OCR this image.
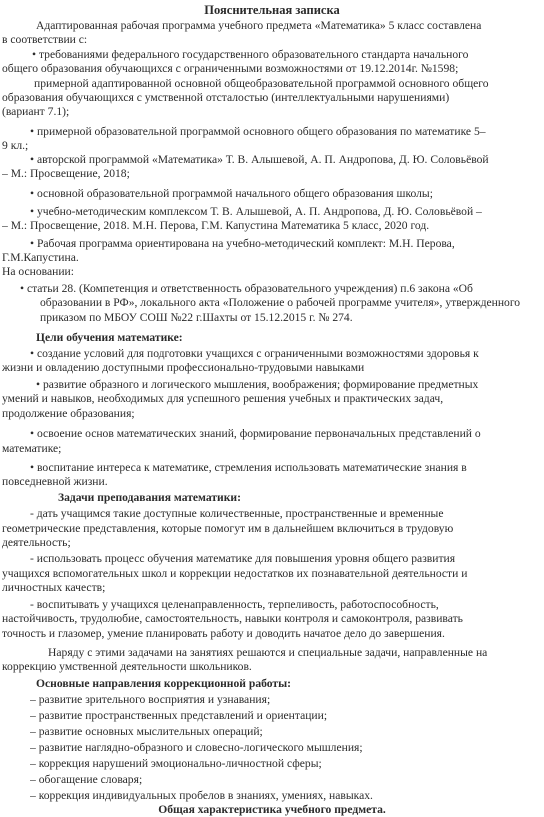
Пояснительная записка
Адаптированная рабочая программа учебного предмета «Математика» 5 класс составлена
в соответствии с:
• требованиями федерального государственного образовательного стандарта начального
общего образования обучающихся с ограниченными возможностями от 19.12.2014г. №1598;
примерной адаптированной основной общеобразовательной программой основного общего
образования обучающихся с умственной отсталостью (интеллектуальными нарушениями)
(вариант 7.1);
• примерной образовательной программой основного общего образования по математике 5–
9 кл.;
• авторской программой «Математика» Т. В. Алышевой, А. П. Андропова, Д. Ю. Соловьёвой
– М.: Просвещение, 2018;
• основной образовательной программой начального общего образования школы;
• учебно-методическим комплексом Т. В. Алышевой, А. П. Андропова, Д. Ю. Соловьёвой –
– М.: Просвещение, 2018. М.Н. Перова, Г.М. Капустина Математика 5 класс, 2020 год.
• Рабочая программа ориентирована на учебно-методический комплект: М.Н. Перова,
Г.М.Капустина.
На основании:
• статьи 28. (Компетенция и ответственность образовательного учреждения) п.6 закона «Об
образовании в РФ», локального акта «Положение о рабочей программе учителя», утвержденного
приказом по МБОУ СОШ №22 г.Шахты от 15.12.2015 г. № 274.
Цели обучения математике:
• создание условий для подготовки учащихся с ограниченными возможностями здоровья к
жизни и овладению доступными профессионально-трудовыми навыками
• развитие образного и логического мышления, воображения; формирование предметных
умений и навыков, необходимых для успешного решения учебных и практических задач,
продолжение образования;
• освоение основ математических знаний, формирование первоначальных представлений о
математике;
• воспитание интереса к математике, стремления использовать математические знания в
повседневной жизни.
Задачи преподавания математики:
- дать учащимся такие доступные количественные, пространственные и временные
геометрические представления, которые помогут им в дальнейшем включиться в трудовую
деятельность;
- использовать процесс обучения математике для повышения уровня общего развития
учащихся вспомогательных школ и коррекции недостатков их познавательной деятельности и
личностных качеств;
- воспитывать у учащихся целенаправленность, терпеливость, работоспособность,
настойчивость, трудолюбие, самостоятельность, навыки контроля и самоконтроля, развивать
точность и глазомер, умение планировать работу и доводить начатое дело до завершения.
Наряду с этими задачами на занятиях решаются и специальные задачи, направленные на
коррекцию умственной деятельности школьников.
Основные направления коррекционной работы:
– развитие зрительного восприятия и узнавания;
– развитие пространственных представлений и ориентации;
– развитие основных мыслительных операций;
– развитие наглядно-образного и словесно-логического мышления;
– коррекция нарушений эмоционально-личностной сферы;
– обогащение словаря;
– коррекция индивидуальных пробелов в знаниях, умениях, навыках.
Общая характеристика учебного предмета.
